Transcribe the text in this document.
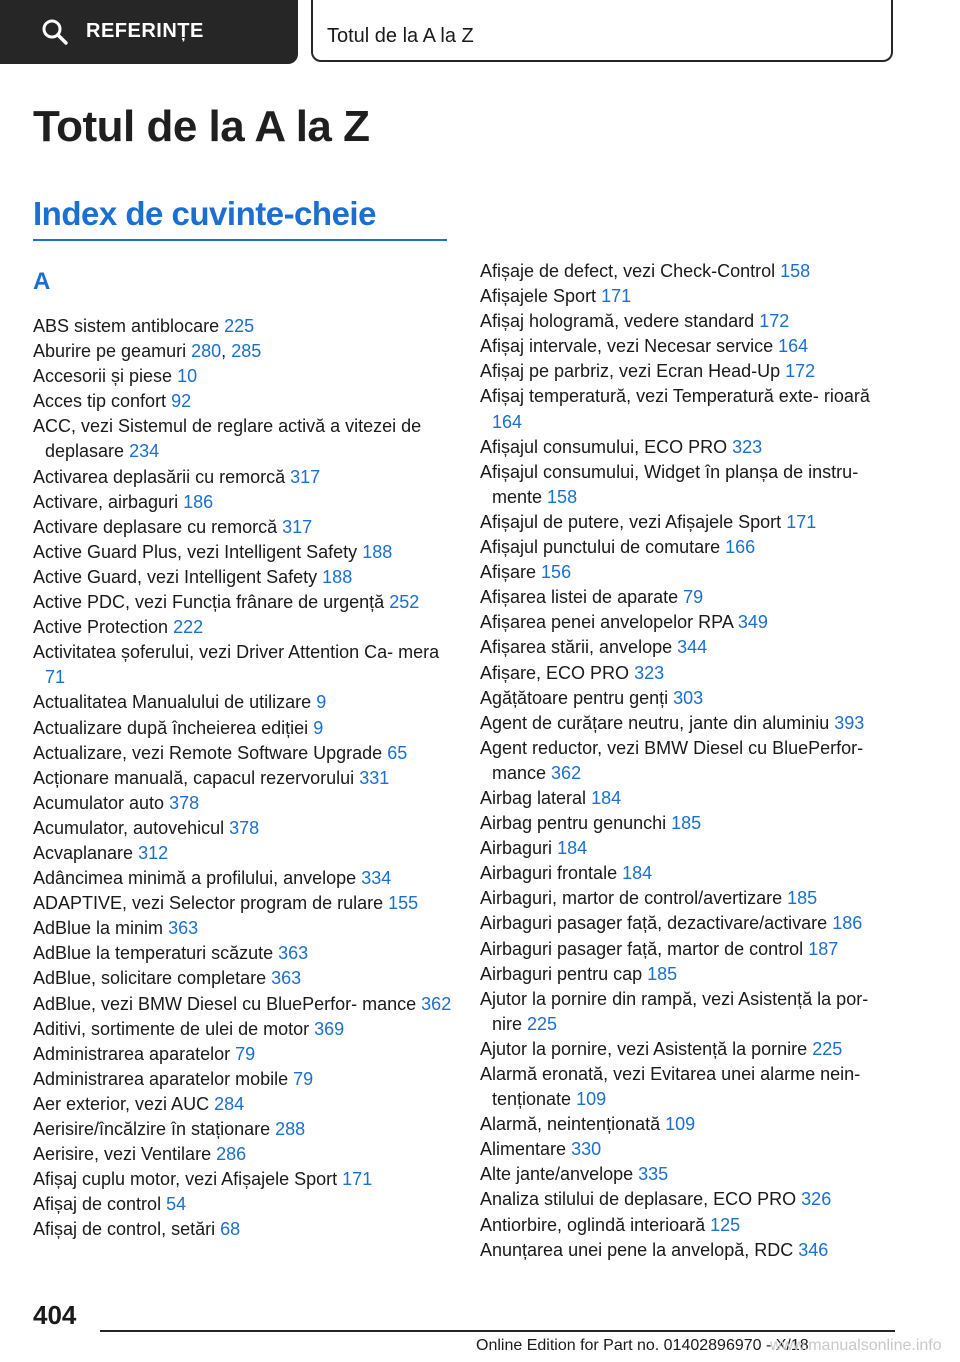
REFERINȚE	Totul de la A la Z
Totul de la A la Z
Index de cuvinte-cheie
A
ABS sistem antiblocare 225
Aburire pe geamuri 280, 285
Accesorii și piese 10
Acces tip confort 92
ACC, vezi Sistemul de reglare activă a vitezei de deplasare 234
Activarea deplasării cu remorcă 317
Activare, airbaguri 186
Activare deplasare cu remorcă 317
Active Guard Plus, vezi Intelligent Safety 188
Active Guard, vezi Intelligent Safety 188
Active PDC, vezi Funcția frânare de urgență 252
Active Protection 222
Activitatea șoferului, vezi Driver Attention Ca‐ mera 71
Actualitatea Manualului de utilizare 9
Actualizare după încheierea ediției 9
Actualizare, vezi Remote Software Upgrade 65
Acționare manuală, capacul rezervorului 331
Acumulator auto 378
Acumulator, autovehicul 378
Acvaplanare 312
Adâncimea minimă a profilului, anvelope 334
ADAPTIVE, vezi Selector program de rulare 155
AdBlue la minim 363
AdBlue la temperaturi scăzute 363
AdBlue, solicitare completare 363
AdBlue, vezi BMW Diesel cu BluePerfor‐ mance 362
Aditivi, sortimente de ulei de motor 369
Administrarea aparatelor 79
Administrarea aparatelor mobile 79
Aer exterior, vezi AUC 284
Aerisire/încălzire în staționare 288
Aerisire, vezi Ventilare 286
Afișaj cuplu motor, vezi Afișajele Sport 171
Afișaj de control 54
Afișaj de control, setări 68
Afișaje de defect, vezi Check-Control 158
Afișajele Sport 171
Afișaj hologramă, vedere standard 172
Afișaj intervale, vezi Necesar service 164
Afișaj pe parbriz, vezi Ecran Head-Up 172
Afișaj temperatură, vezi Temperatură exte‐ rioară 164
Afișajul consumului, ECO PRO 323
Afișajul consumului, Widget în planșa de instru‐ mente 158
Afișajul de putere, vezi Afișajele Sport 171
Afișajul punctului de comutare 166
Afișare 156
Afișarea listei de aparate 79
Afișarea penei anvelopelor RPA 349
Afișarea stării, anvelope 344
Afișare, ECO PRO 323
Agățătoare pentru genți 303
Agent de curățare neutru, jante din aluminiu 393
Agent reductor, vezi BMW Diesel cu BluePerfor‐ mance 362
Airbag lateral 184
Airbag pentru genunchi 185
Airbaguri 184
Airbaguri frontale 184
Airbaguri, martor de control/avertizare 185
Airbaguri pasager față, dezactivare/activare 186
Airbaguri pasager față, martor de control 187
Airbaguri pentru cap 185
Ajutor la pornire din rampă, vezi Asistență la por‐ nire 225
Ajutor la pornire, vezi Asistență la pornire 225
Alarmă eronată, vezi Evitarea unei alarme nein‐ tenționate 109
Alarmă, neintenționată 109
Alimentare 330
Alte jante/anvelope 335
Analiza stilului de deplasare, ECO PRO 326
Antiorbire, oglindă interioară 125
Anunțarea unei pene la anvelopă, RDC 346
404
Online Edition for Part no. 01402896970 - X/18
www.manualsonline.info
